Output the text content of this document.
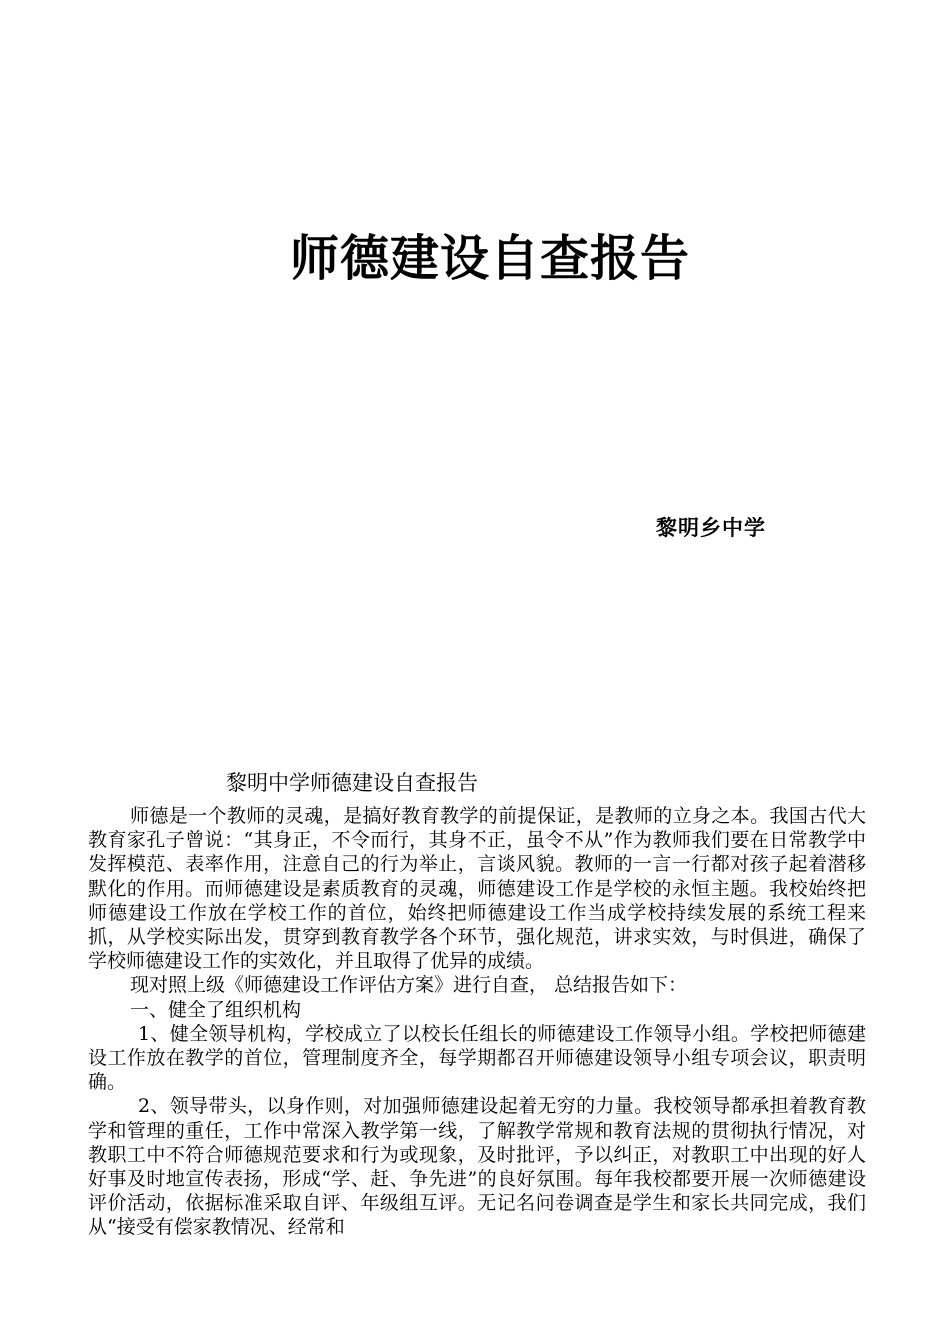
师德建设自查报告
黎明乡中学
黎明中学师德建设自查报告

师德是一个教师的灵魂，是搞好教育教学的前提保证，是教师的立身之本。我国古代大教育家孔子曾说：“其身正，不令而行，其身不正，虽令不从”作为教师我们要在日常教学中发挥模范、表率作用，注意自己的行为举止，言谈风貌。教师的一言一行都对孩子起着潜移默化的作用。而师德建设是素质教育的灵魂，师德建设工作是学校的永恒主题。我校始终把师德建设工作放在学校工作的首位，始终把师德建设工作当成学校持续发展的系统工程来抓，从学校实际出发，贯穿到教育教学各个环节，强化规范，讲求实效，与时俱进，确保了学校师德建设工作的实效化，并且取得了优异的成绩。

现对照上级《师德建设工作评估方案》进行自查， 总结报告如下：

一、健全了组织机构

1、健全领导机构，学校成立了以校长任组长的师德建设工作领导小组。学校把师德建设工作放在教学的首位，管理制度齐全，每学期都召开师德建设领导小组专项会议，职责明确。

2、领导带头，以身作则，对加强师德建设起着无穷的力量。我校领导都承担着教育教学和管理的重任，工作中常深入教学第一线，了解教学常规和教育法规的贯彻执行情况，对教职工中不符合师德规范要求和行为或现象，及时批评，予以纠正，对教职工中出现的好人好事及时地宣传表扬，形成“学、赶、争先进”的良好氛围。每年我校都要开展一次师德建设评价活动，依据标准采取自评、年级组互评。无记名问卷调查是学生和家长共同完成，我们从“接受有偿家教情况、经常和
